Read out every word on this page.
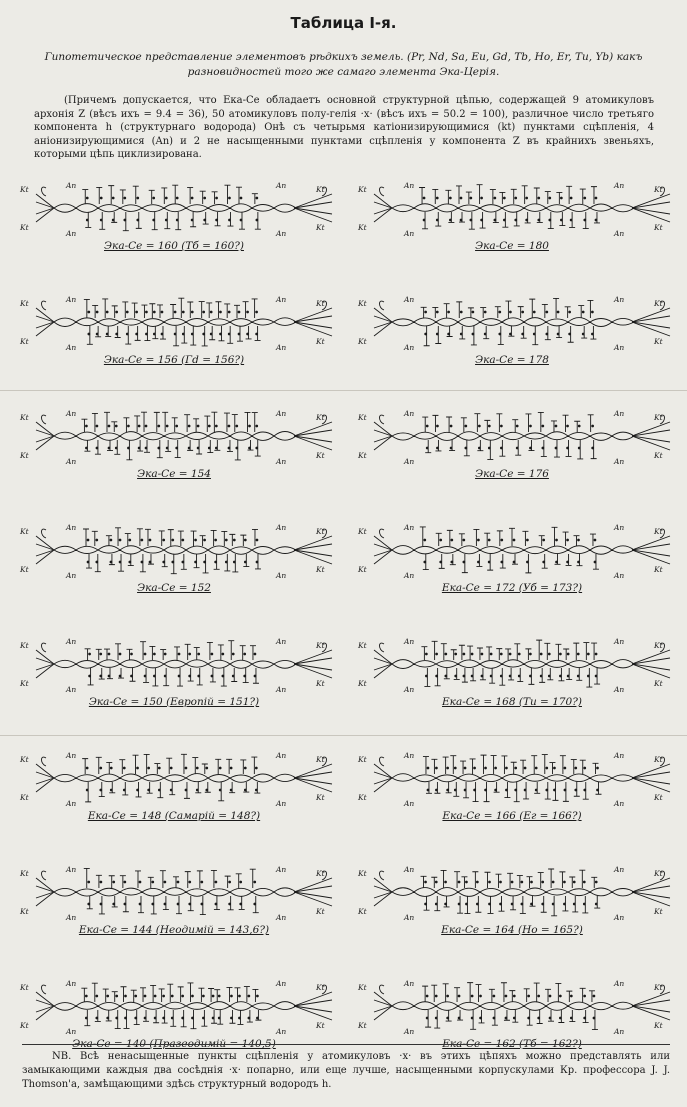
Таблица I-я.
Гипотетическое представление элементовъ рѣдкихъ земель. (Pr, Nd, Sa, Eu, Gd, Tb, Ho, Er, Tu, Yb) какъ разновидностей того же самаго элемента Эка-Церія.
(Причемъ допускается, что Ека-Се обладаетъ основной структурной цѣпью, содержащей 9 атомикуловъ архонія Z (вѣсъ ихъ = 9.4 = 36), 50 атомикуловъ полу-гелія ·x· (вѣсъ ихъ = 50.2 = 100), различное число третьяго компонента h (структурнаго водорода) Онѣ съ четырьмя катіонизирующимися (kt) пунктами сцѣпленія, 4 аніонизирующимися (An) и 2 не насыщенными пунктами сцѣпленія у компонента Z въ крайнихъ звеньяхъ, которыми цѣпь циклизирована.
Kt
Kt
Kt
Kt
An
An
An
An
Эка-Се = 160 (Тб = 160?)
Kt
Kt
Kt
Kt
An
An
An
An
Эка-Се = 180
Kt
Kt
Kt
Kt
An
An
An
An
Эка-Се = 156 (Гd = 156?)
Kt
Kt
Kt
Kt
An
An
An
An
Эка-Се = 178
Kt
Kt
Kt
Kt
An
An
An
An
Эка-Се = 154
Kt
Kt
Kt
Kt
An
An
An
An
Эка-Се = 176
Kt
Kt
Kt
Kt
An
An
An
An
Эка-Се = 152
Kt
Kt
Kt
Kt
An
An
An
An
Ека-Се = 172 (Уб = 173?)
Kt
Kt
Kt
Kt
An
An
An
An
Эка-Се = 150 (Европій = 151?)
Kt
Kt
Kt
Kt
An
An
An
An
Ека-Се = 168 (Ти = 170?)
Kt
Kt
Kt
Kt
An
An
An
An
Ека-Се = 148 (Самарій = 148?)
Kt
Kt
Kt
Kt
An
An
An
An
Ека-Се = 166 (Ег = 166?)
Kt
Kt
Kt
Kt
An
An
An
An
Ека-Се = 144 (Неодимій = 143,6?)
Kt
Kt
Kt
Kt
An
An
An
An
Ека-Се = 164 (Но = 165?)
Kt
Kt
Kt
Kt
An
An
An
An
Эка-Се = 140 (Празеодимій = 140,5)
Kt
Kt
Kt
Kt
An
An
An
An
Ека-Се = 162 (Тб = 162?)
NB. Всѣ ненасыщенные пункты сцѣпленія у атомикуловъ ·x· въ этихъ цѣпяхъ можно представлять или замыкающими каждыя два сосѣднія ·x· попарно, или еще лучше, насыщенными корпускулами Кр. профессора J. J. Thomson'а, замѣщающими здѣсь структурный водородъ h.
